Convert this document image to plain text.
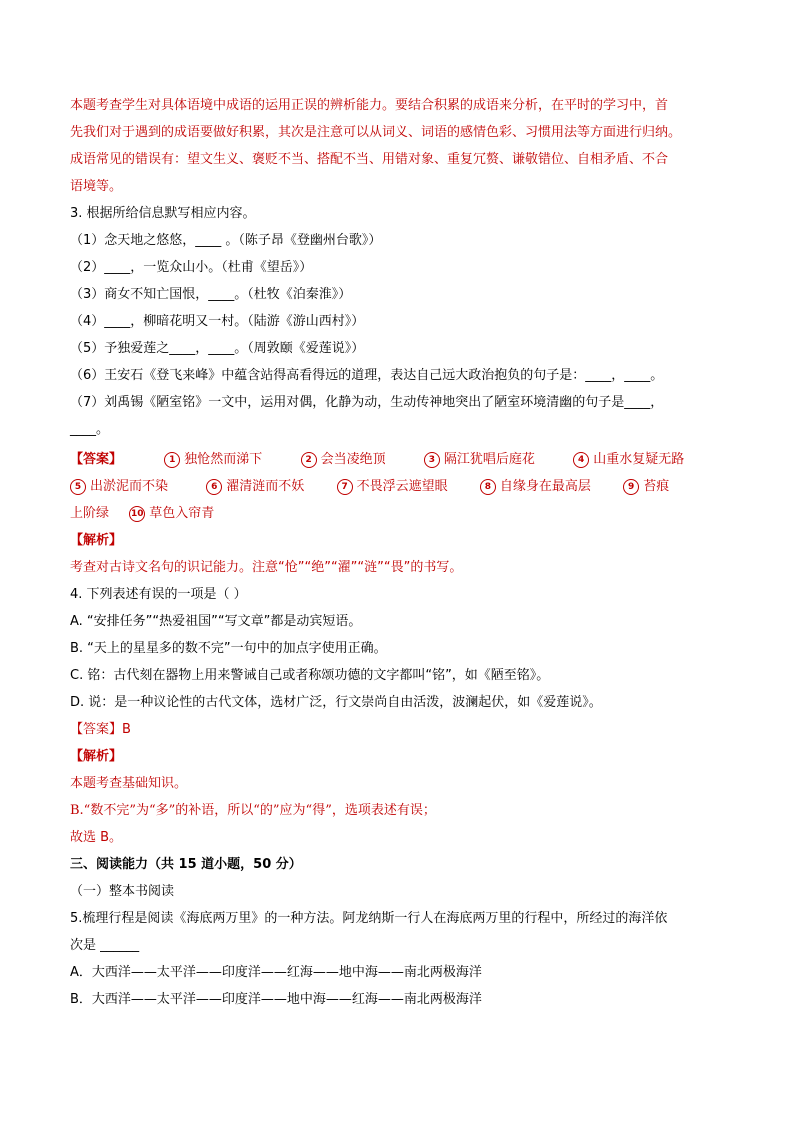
本题考查学生对具体语境中成语的运用正误的辨析能力。要结合积累的成语来分析，在平时的学习中，首
先我们对于遇到的成语要做好积累，其次是注意可以从词义、词语的感情色彩、习惯用法等方面进行归纳。
成语常见的错误有：望文生义、褒贬不当、搭配不当、用错对象、重复冗赘、谦敬错位、自相矛盾、不合
语境等。
3. 根据所给信息默写相应内容。
（1）念天地之悠悠，____ 。（陈子昂《登幽州台歌》）
（2）____，一览众山小。（杜甫《望岳》）
（3）商女不知亡国恨，____。（杜牧《泊秦淮》）
（4）____，柳暗花明又一村。（陆游《游山西村》）
（5）予独爱莲之____，____。（周敦颐《爱莲说》）
（6）王安石《登飞来峰》中蕴含站得高看得远的道理，表达自己远大政治抱负的句子是：____，____。
（7）刘禹锡《陋室铭》一文中，运用对偶，化静为动，生动传神地突出了陋室环境清幽的句子是____，
____。
【答案】	1 独怆然而涕下	2 会当凌绝顶	3 隔江犹唱后庭花	4 山重水复疑无路
5 出淤泥而不染	6 濯清涟而不妖	7 不畏浮云遮望眼	8 自缘身在最高层	9 苔痕
上阶绿 10 草色入帘青
【解析】
考查对古诗文名句的识记能力。注意“怆”“绝”“濯”“涟”“畏”的书写。
4. 下列表述有误的一项是（ ）
A. “安排任务”“热爱祖国”“写文章”都是动宾短语。
B. “天上的星星多的数不完”一句中的加点字使用正确。
C. 铭：古代刻在器物上用来警诫自己或者称颂功德的文字都叫“铭”，如《陋至铭》。
D. 说：是一种议论性的古代文体，选材广泛，行文崇尚自由活泼，波澜起伏，如《爱莲说》。
【答案】B
【解析】
本题考查基础知识。
B.“数不完”为“多”的补语，所以“的”应为“得”，选项表述有误；
故选 B。
三、阅读能力（共 15 道小题，50 分）
（一）整本书阅读
5.梳理行程是阅读《海底两万里》的一种方法。阿龙纳斯一行人在海底两万里的行程中，所经过的海洋依
次是 ______
A．大西洋——太平洋——印度洋——红海——地中海——南北两极海洋
B．大西洋——太平洋——印度洋——地中海——红海——南北两极海洋
